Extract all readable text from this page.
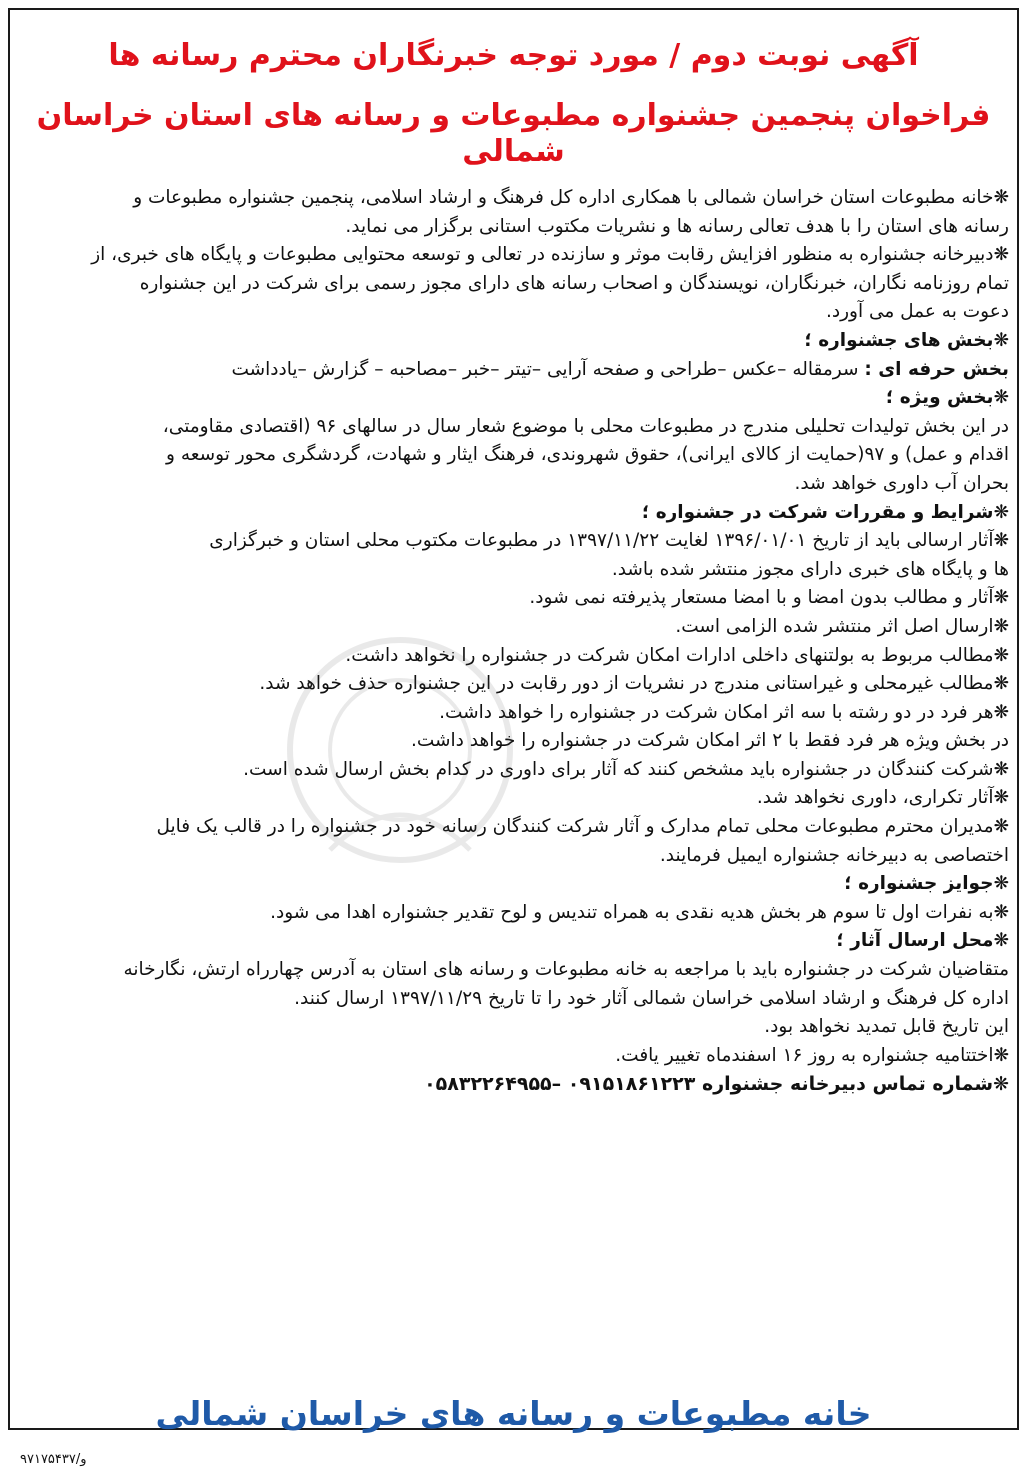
آگهی نوبت دوم / مورد توجه خبرنگاران محترم رسانه ها
فراخوان پنجمین جشنواره مطبوعات و رسانه های استان خراسان شمالی

❋خانه مطبوعات استان خراسان شمالی با همکاری اداره کل فرهنگ و ارشاد اسلامی، پنجمین جشنواره مطبوعات و

رسانه های استان را با هدف تعالی رسانه ها و نشریات مکتوب استانی برگزار می نماید.

❋دبیرخانه جشنواره به منظور افزایش رقابت موثر و سازنده در تعالی و توسعه محتوایی مطبوعات و پایگاه های خبری، از

تمام روزنامه نگاران، خبرنگاران، نویسندگان و اصحاب رسانه های دارای مجوز رسمی برای شرکت در این جشنواره

دعوت به عمل می آورد.

❋بخش های جشنواره ؛

بخش حرفه ای : سرمقاله –عکس –طراحی و صفحه آرایی –تیتر –خبر –مصاحبه – گزارش –یادداشت

❋بخش ویژه ؛

در این بخش تولیدات تحلیلی مندرج در مطبوعات محلی با موضوع شعار سال در سالهای ۹۶ (اقتصادی مقاومتی،

اقدام و عمل) و ۹۷(حمایت از کالای ایرانی)، حقوق شهروندی، فرهنگ ایثار و شهادت، گردشگری محور توسعه و

بحران آب داوری خواهد شد.

❋شرایط و مقررات شرکت در جشنواره ؛

❋آثار ارسالی باید از تاریخ ۱۳۹۶/۰۱/۰۱ لغایت ۱۳۹۷/۱۱/۲۲ در مطبوعات مکتوب محلی استان و خبرگزاری

ها و پایگاه های خبری دارای مجوز منتشر شده باشد.

❋آثار و مطالب بدون امضا و با امضا مستعار پذیرفته نمی شود.

❋ارسال اصل اثر منتشر شده الزامی است.

❋مطالب مربوط به بولتنهای داخلی ادارات امکان شرکت در جشنواره را نخواهد داشت.

❋مطالب غیرمحلی و غیراستانی مندرج در نشریات از دور رقابت در این جشنواره حذف خواهد شد.

❋هر فرد در دو رشته با سه اثر امکان شرکت در جشنواره را خواهد داشت.

در بخش ویژه هر فرد فقط با ۲ اثر امکان شرکت در جشنواره را خواهد داشت.

❋شرکت کنندگان در جشنواره باید مشخص کنند که آثار برای داوری در کدام بخش ارسال شده است.

❋آثار تکراری، داوری نخواهد شد.

❋مدیران محترم مطبوعات محلی تمام مدارک و آثار شرکت کنندگان رسانه خود در جشنواره را در قالب یک فایل

اختصاصی به دبیرخانه جشنواره ایمیل فرمایند.

❋جوایز جشنواره ؛

❋به نفرات اول تا سوم هر بخش هدیه نقدی به همراه تندیس و لوح تقدیر جشنواره اهدا می شود.

❋محل ارسال آثار ؛

متقاضیان شرکت در جشنواره باید با مراجعه به خانه مطبوعات و رسانه های استان به آدرس چهارراه ارتش، نگارخانه

اداره کل فرهنگ و ارشاد اسلامی خراسان شمالی آثار خود را تا تاریخ ۱۳۹۷/۱۱/۲۹ ارسال کنند.

این تاریخ قابل تمدید نخواهد بود.

❋اختتامیه جشنواره به روز ۱۶ اسفندماه تغییر یافت.

❋شماره تماس دبیرخانه جشنواره ۰۹۱۵۱۸۶۱۲۲۳ –۰۵۸۳۲۲۶۴۹۵۵

خانه مطبوعات و رسانه های خراسان شمالی
۹۷۱۷۵۴۳۷/و
